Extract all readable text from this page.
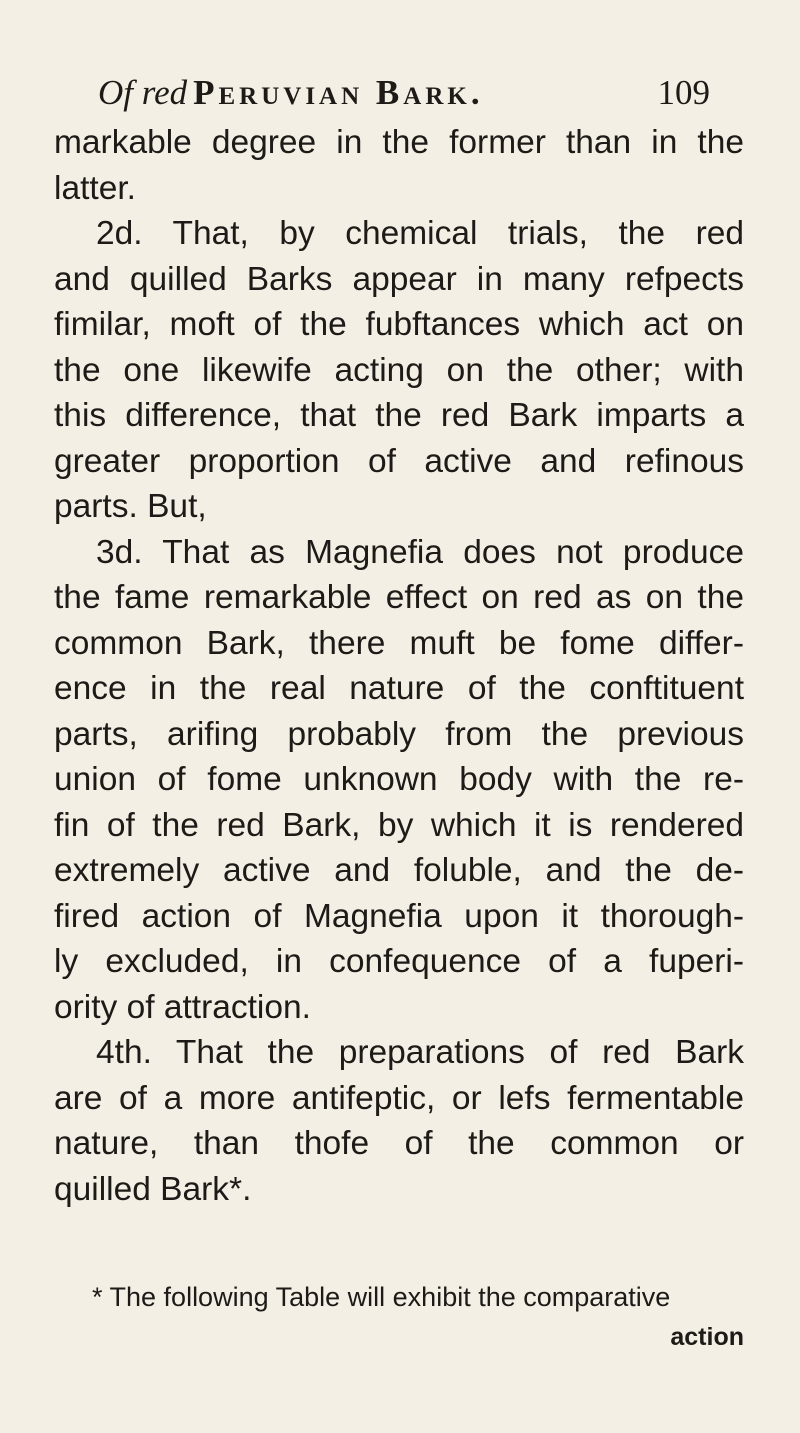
Of red Peruvian Bark.	109
markable degree in the former than in the
latter.
2d. That, by chemical trials, the red
and quilled Barks appear in many refpects
fimilar, moft of the fubftances which act on
the one likewife acting on the other; with
this difference, that the red Bark imparts a
greater proportion of active and refinous
parts. But,
3d. That as Magnefia does not produce
the fame remarkable effect on red as on the
common Bark, there muft be fome differ-
ence in the real nature of the conftituent
parts, arifing probably from the previous
union of fome unknown body with the re-
fin of the red Bark, by which it is rendered
extremely active and foluble, and the de-
fired action of Magnefia upon it thorough-
ly excluded, in confequence of a fuperi-
ority of attraction.
4th. That the preparations of red Bark
are of a more antifeptic, or lefs fermentable
nature, than thofe of the common or
quilled Bark*.
* The following Table will exhibit the comparative
action
